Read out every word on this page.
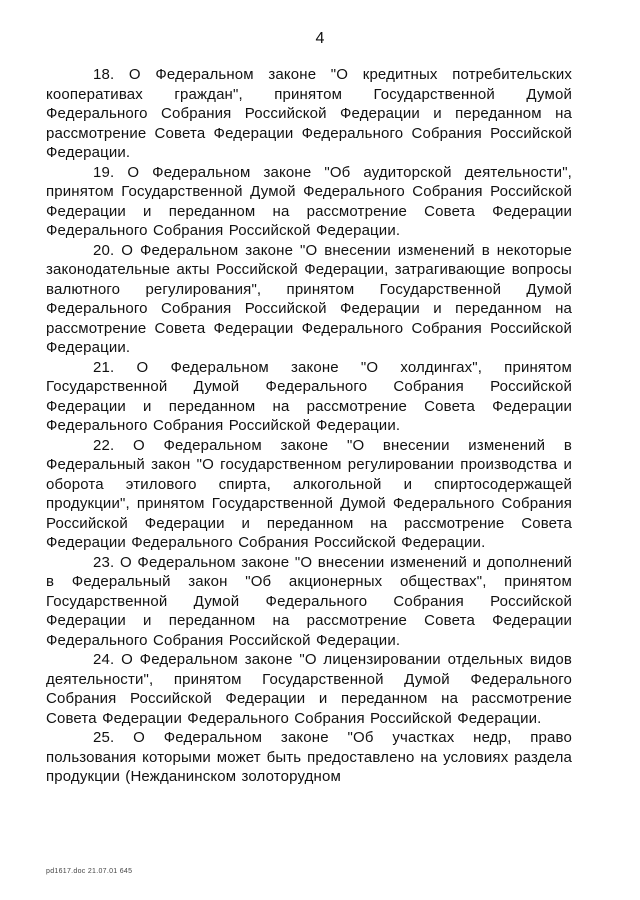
4

18. О Федеральном законе "О кредитных потребительских кооперативах граждан", принятом Государственной Думой Федерального Собрания Российской Федерации и переданном на рассмотрение Совета Федерации Федерального Собрания Российской Федерации.

19. О Федеральном законе "Об аудиторской деятельности", принятом Государственной Думой Федерального Собрания Российской Федерации и переданном на рассмотрение Совета Федерации Федерального Собрания Российской Федерации.

20. О Федеральном законе "О внесении изменений в некоторые законодательные акты Российской Федерации, затрагивающие вопросы валютного регулирования", принятом Государственной Думой Федерального Собрания Российской Федерации и переданном на рассмотрение Совета Федерации Федерального Собрания Российской Федерации.

21. О Федеральном законе "О холдингах", принятом Государственной Думой Федерального Собрания Российской Федерации и переданном на рассмотрение Совета Федерации Федерального Собрания Российской Федерации.

22. О Федеральном законе "О внесении изменений в Федеральный закон "О государственном регулировании производства и оборота этилового спирта, алкогольной и спиртосодержащей продукции", принятом Государственной Думой Федерального Собрания Российской Федерации и переданном на рассмотрение Совета Федерации Федерального Собрания Российской Федерации.

23. О Федеральном законе "О внесении изменений и дополнений в Федеральный закон "Об акционерных обществах", принятом Государственной Думой Федерального Собрания Российской Федерации и переданном на рассмотрение Совета Федерации Федерального Собрания Российской Федерации.

24. О Федеральном законе "О лицензировании отдельных видов деятельности", принятом Государственной Думой Федерального Собрания Российской Федерации и переданном на рассмотрение Совета Федерации Федерального Собрания Российской Федерации.

25. О Федеральном законе "Об участках недр, право пользования которыми может быть предоставлено на условиях раздела продукции (Нежданинском золоторудном

pd1617.doc 21.07.01 645
